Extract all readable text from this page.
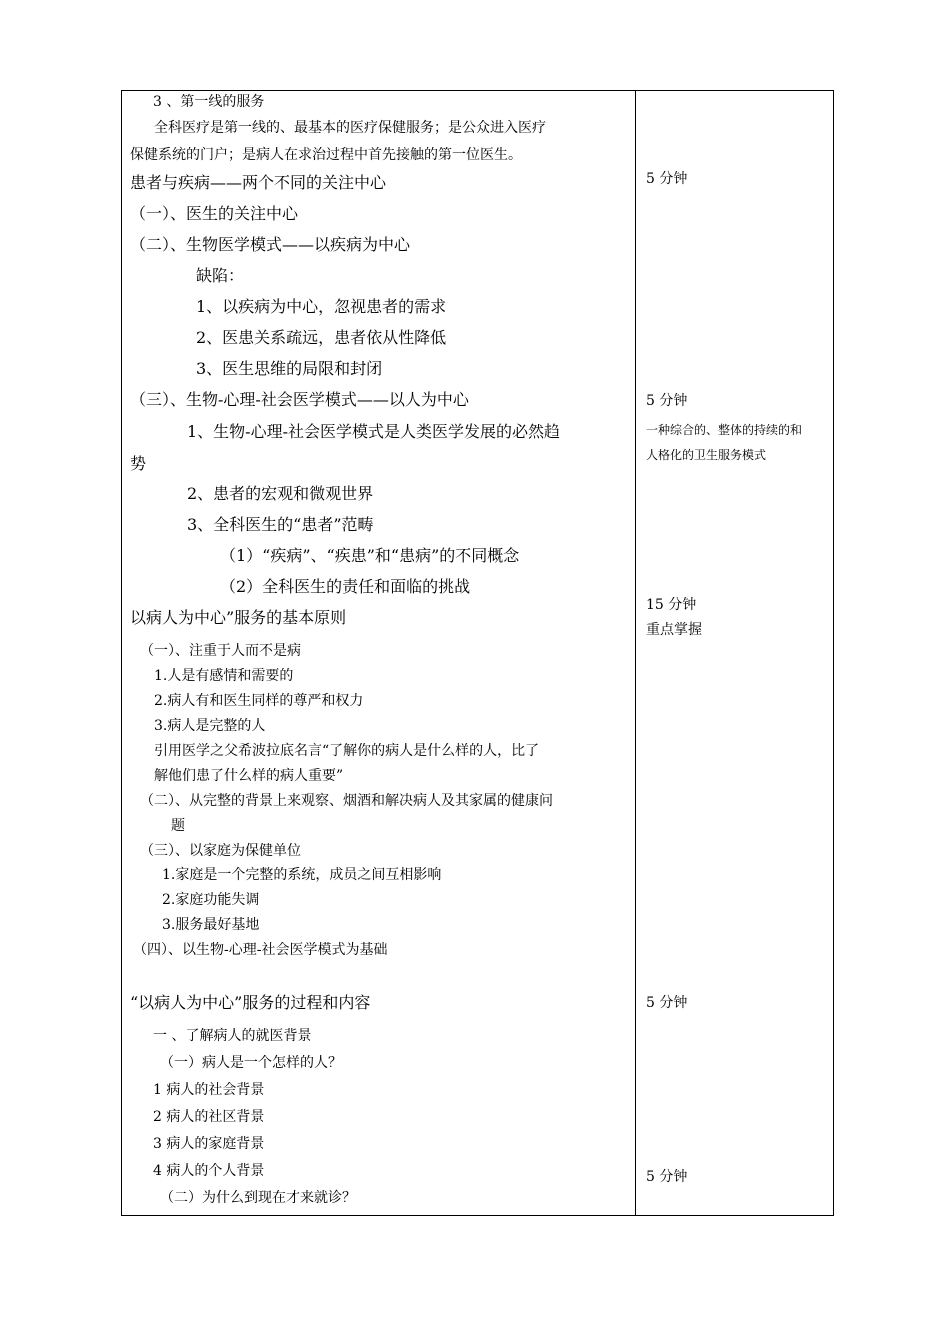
3 、第一线的服务
全科医疗是第一线的、最基本的医疗保健服务；是公众进入医疗
保健系统的门户；是病人在求治过程中首先接触的第一位医生。
患者与疾病——两个不同的关注中心
（一）、医生的关注中心
（二）、生物医学模式——以疾病为中心
缺陷：
1、以疾病为中心，忽视患者的需求
2、医患关系疏远，患者依从性降低
3、医生思维的局限和封闭
（三）、生物-心理-社会医学模式——以人为中心
1、生物-心理-社会医学模式是人类医学发展的必然趋
势
2、患者的宏观和微观世界
3、全科医生的“患者”范畴
（1）“疾病”、“疾患”和“患病”的不同概念
（2）全科医生的责任和面临的挑战
以病人为中心”服务的基本原则
（一）、注重于人而不是病
1.人是有感情和需要的
2.病人有和医生同样的尊严和权力
3.病人是完整的人
引用医学之父希波拉底名言“了解你的病人是什么样的人，比了
解他们患了什么样的病人重要”
（二）、从完整的背景上来观察、烟酒和解决病人及其家属的健康问
题
（三）、以家庭为保健单位
1.家庭是一个完整的系统，成员之间互相影响
2.家庭功能失调
3.服务最好基地
（四）、以生物-心理-社会医学模式为基础
“以病人为中心”服务的过程和内容
一 、了解病人的就医背景
（一）病人是一个怎样的人？
1 病人的社会背景
2 病人的社区背景
3 病人的家庭背景
4 病人的个人背景
（二）为什么到现在才来就诊？
5 分钟
5 分钟
一种综合的、整体的持续的和
人格化的卫生服务模式
15 分钟
重点掌握
5 分钟
5 分钟
